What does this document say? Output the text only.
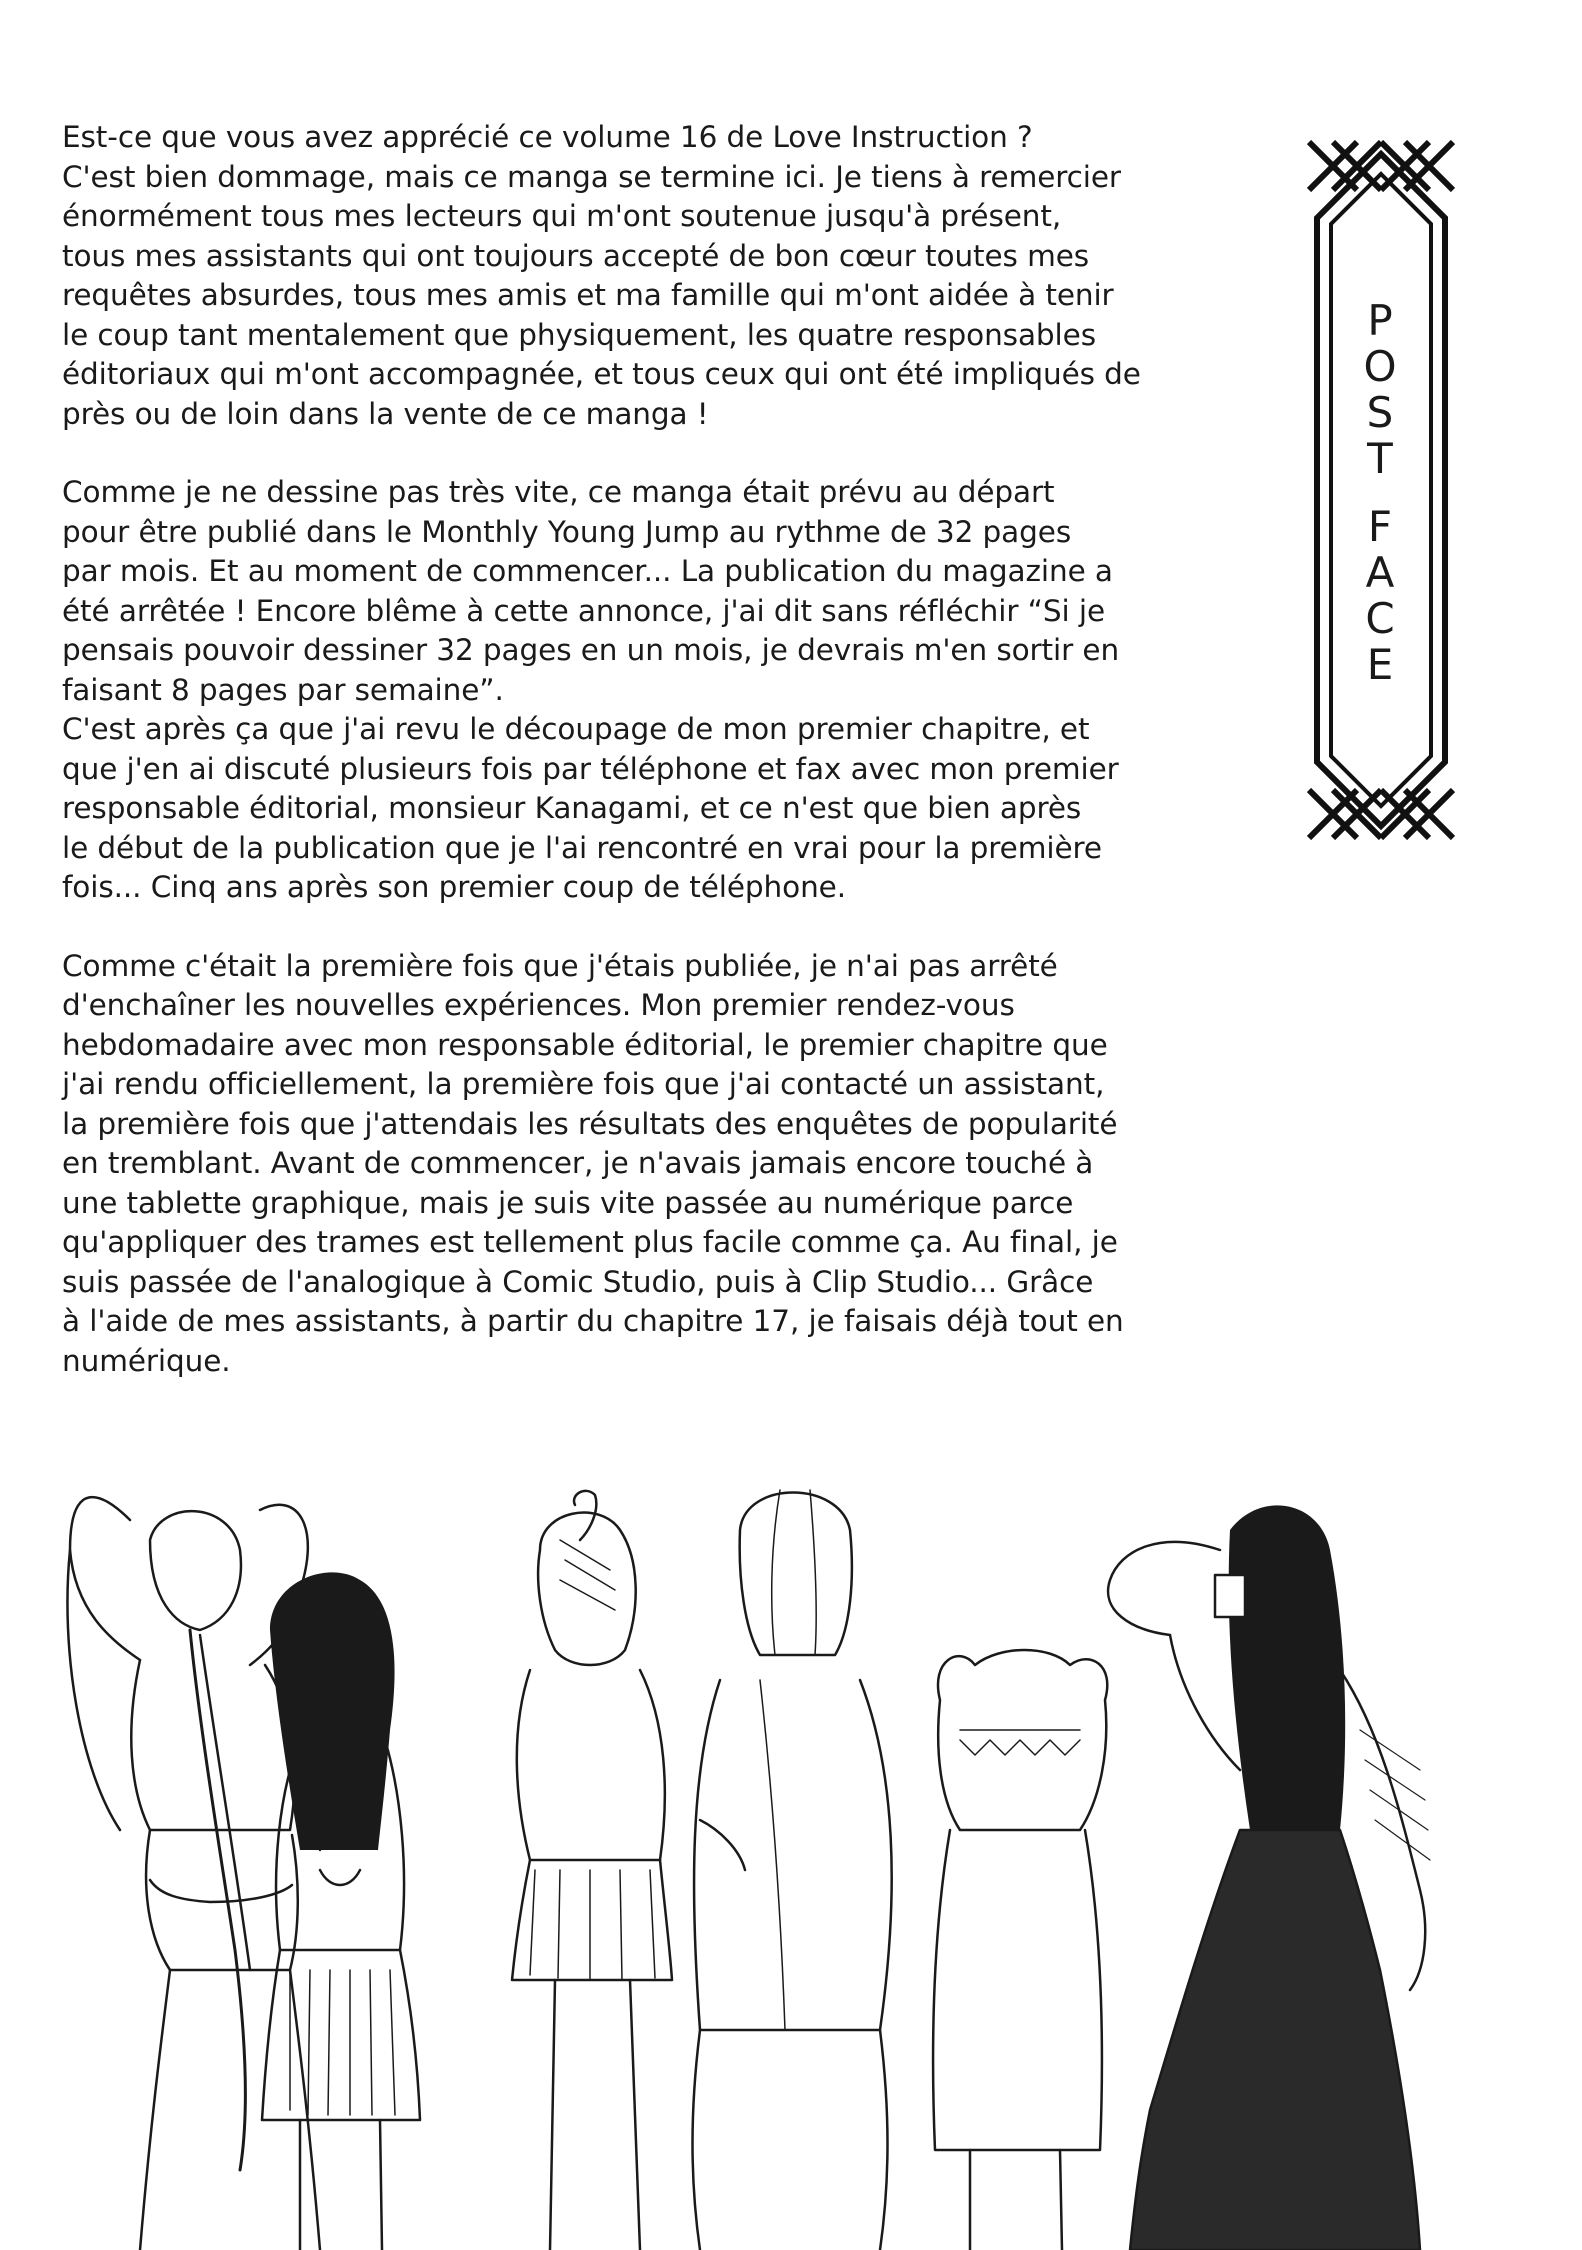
Est-ce que vous avez apprécié ce volume 16 de Love Instruction ?
C'est bien dommage, mais ce manga se termine ici. Je tiens à remercier
énormément tous mes lecteurs qui m'ont soutenue jusqu'à présent,
tous mes assistants qui ont toujours accepté de bon cœur toutes mes
requêtes absurdes, tous mes amis et ma famille qui m'ont aidée à tenir
le coup tant mentalement que physiquement, les quatre responsables
éditoriaux qui m'ont accompagnée, et tous ceux qui ont été impliqués de
près ou de loin dans la vente de ce manga !

Comme je ne dessine pas très vite, ce manga était prévu au départ
pour être publié dans le Monthly Young Jump au rythme de 32 pages
par mois. Et au moment de commencer... La publication du magazine a
été arrêtée ! Encore blême à cette annonce, j'ai dit sans réfléchir “Si je
pensais pouvoir dessiner 32 pages en un mois, je devrais m'en sortir en
faisant 8 pages par semaine”.
C'est après ça que j'ai revu le découpage de mon premier chapitre, et
que j'en ai discuté plusieurs fois par téléphone et fax avec mon premier
responsable éditorial, monsieur Kanagami, et ce n'est que bien après
le début de la publication que je l'ai rencontré en vrai pour la première
fois... Cinq ans après son premier coup de téléphone.

Comme c'était la première fois que j'étais publiée, je n'ai pas arrêté
d'enchaîner les nouvelles expériences. Mon premier rendez-vous
hebdomadaire avec mon responsable éditorial, le premier chapitre que
j'ai rendu officiellement, la première fois que j'ai contacté un assistant,
la première fois que j'attendais les résultats des enquêtes de popularité
en tremblant. Avant de commencer, je n'avais jamais encore touché à
une tablette graphique, mais je suis vite passée au numérique parce
qu'appliquer des trames est tellement plus facile comme ça. Au final, je
suis passée de l'analogique à Comic Studio, puis à Clip Studio... Grâce
à l'aide de mes assistants, à partir du chapitre 17, je faisais déjà tout en
numérique.

P
O
S
T
F
A
C
E
